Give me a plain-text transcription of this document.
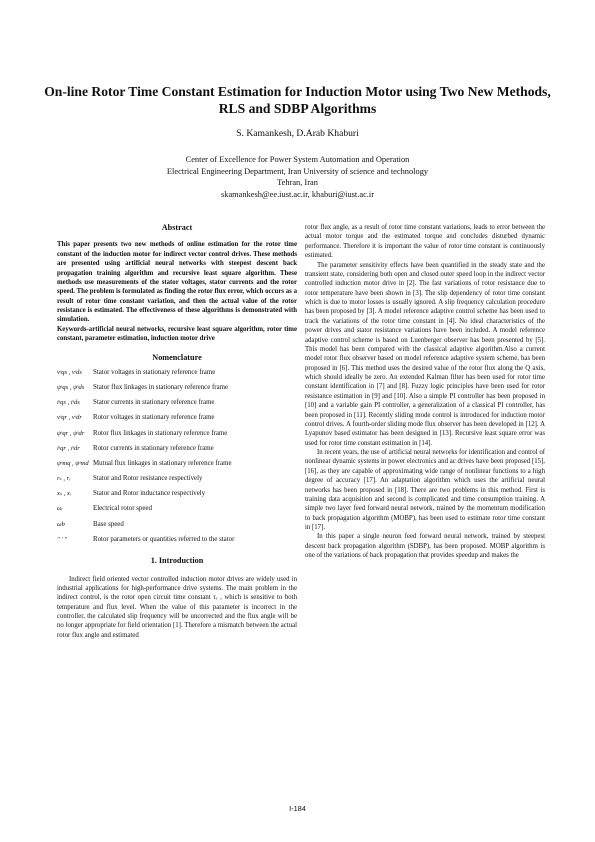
On-line Rotor Time Constant Estimation for Induction Motor using Two New Methods, RLS and SDBP Algorithms
S. Kamankesh, D.Arab Khaburi
Center of Excellence for Power System Automation and Operation
Electrical Engineering Department, Iran University of science and technology
Tehran, Iran
skamankesh@ee.iust.ac.ir, khaburi@iust.ac.ir

Abstract

This paper presents two new methods of online estimation for the rotor time constant of the induction motor for indirect vector control drives. These methods are presented using artificial neural networks with steepest descent back propagation training algorithm and recursive least square algorithm. These methods use measurements of the stator voltages, stator currents and the rotor speed. The problem is formulated as finding the rotor flux error, which occurs as a result of rotor time constant variation, and then the actual value of the rotor resistance is estimated. The effectiveness of these algorithms is demonstrated with simulation.

Keywords-artificial neural networks, recursive least square algorithm, rotor time constant, parameter estimation, induction motor drive

Nomenclature

vˢqs , vˢds	Stator voltages in stationary reference frame
ψˢqs , ψˢds	Stator flux linkages in stationary reference frame
iˢqs , iˢds	Stator currents in stationary reference frame
vˢqr , vˢdr	Rotor voltages in stationary reference frame
ψˢqr , ψˢdr	Rotor flux linkages in stationary reference frame
iˢqr , iˢdr	Rotor currents in stationary reference frame
ψˢmq , ψˢmd Mutual flux linkages in stationary reference frame
rₛ , rᵣ	Stator and Rotor resistance respectively
xₛ , xᵣ	Stator and Rotor inductance respectively
ωᵣ	Electrical rotor speed
ωb	Base speed
" ' "	Rotor parameters or quantities referred to the stator

1. Introduction

Indirect field oriented vector controlled induction motor drives are widely used in industrial applications for high-performance drive systems. The main problem in the indirect control, is the rotor open circuit time constant τᵣ , which is sensitive to both temperature and flux level. When the value of this parameter is incorrect in the controller, the calculated slip frequency will be uncorrected and the flux angle will be no longer appropriate for field orientation [1]. Therefore a mismatch between the actual rotor flux angle and estimated

rotor flux angle, as a result of rotor time constant variations, leads to error between the actual motor torque and the estimated torque and concludes disturbed dynamic performance. Therefore it is important the value of rotor time constant is continuously estimated.

The parameter sensitivity effects have been quantified in the steady state and the transient state, considering both open and closed outer speed loop in the indirect vector controlled induction motor drive in [2]. The fast variations of rotor resistance due to rotor temperature have been shown in [3]. The slip dependency of rotor time constant which is due to motor losses is usually ignored. A slip frequency calculation procedure has been proposed by [3]. A model reference adaptive control scheme has been used to track the variations of the rotor time constant in [4]. No ideal characteristics of the power drives and stator resistance variations have been included. A model reference adaptive control scheme is based on Luenberger observer has been presented by [5]. This model has been compared with the classical adaptive algorithm.Also a current model rotor flux observer based on model reference adaptive system scheme, has been proposed in [6]. This method uses the desired value of the rotor flux along the Q axis, which should ideally be zero. An extended Kalman filter has been used for rotor time constant identification in [7] and [8]. Fuzzy logic principles have been used for rotor resistance estimation in [9] and [10]. Also a simple PI controller has been proposed in [10] and a variable gain PI controller, a generalization of a classical PI controller, has been proposed in [11]. Recently sliding mode control is introduced for induction motor control drives. A fourth-order sliding mode flux observer has been developed in [12]. A Lyapunov based estimator has been designed in [13]. Recursive least square error was used for rotor time constant estimation in [14].

In recent years, the use of artificial neural networks for identification and control of nonlinear dynamic systems in power electronics and ac drives have been proposed [15], [16], as they are capable of approximating wide range of nonlinear functions to a high degree of accuracy [17]. An adaptation algorithm which uses the artificial neural networks has been proposed in [18]. There are two problems in this method. First is training data acquisition and second is complicated and time consumption training. A simple two layer feed forward neural network, trained by the momentum modification to back propagation algorithm (MOBP), has been used to estimate rotor time constant in [17].

In this paper a single neuron feed forward neural network, trained by steepest descent back propagation algorithm (SDBP), has been proposed. MOBP algorithm is one of the variations of back propagation that provides speedup and makes the

I-184
